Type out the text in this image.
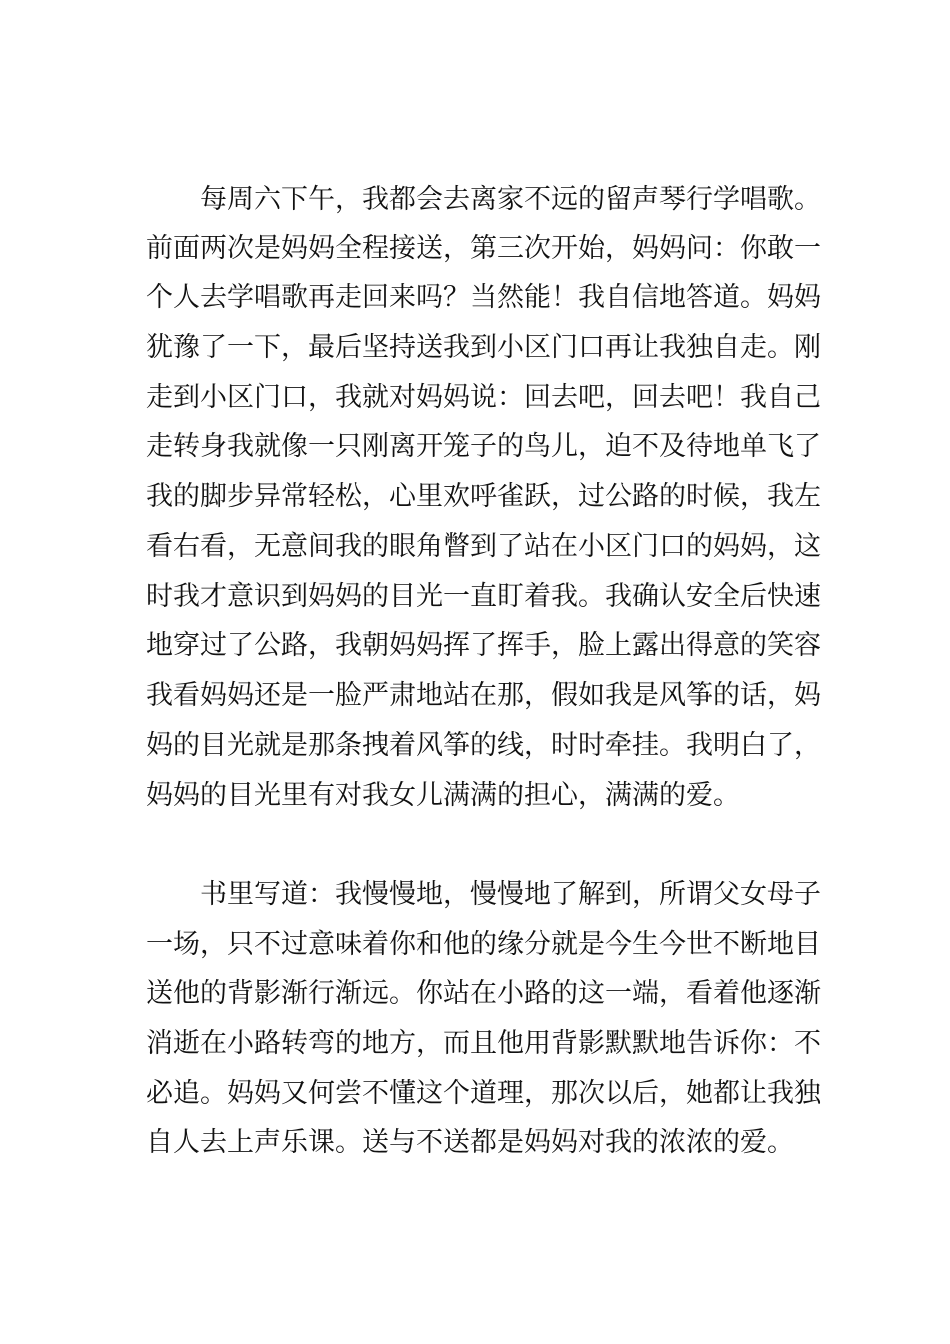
　　每周六下午，我都会去离家不远的留声琴行学唱歌。
前面两次是妈妈全程接送，第三次开始，妈妈问：你敢一
个人去学唱歌再走回来吗？当然能！我自信地答道。妈妈
犹豫了一下，最后坚持送我到小区门口再让我独自走。刚
走到小区门口，我就对妈妈说：回去吧，回去吧！我自己
走转身我就像一只刚离开笼子的鸟儿，迫不及待地单飞了
我的脚步异常轻松，心里欢呼雀跃，过公路的时候，我左
看右看，无意间我的眼角瞥到了站在小区门口的妈妈，这
时我才意识到妈妈的目光一直盯着我。我确认安全后快速
地穿过了公路，我朝妈妈挥了挥手，脸上露出得意的笑容
我看妈妈还是一脸严肃地站在那，假如我是风筝的话，妈
妈的目光就是那条拽着风筝的线，时时牵挂。我明白了，
妈妈的目光里有对我女儿满满的担心，满满的爱。
　　书里写道：我慢慢地，慢慢地了解到，所谓父女母子
一场，只不过意味着你和他的缘分就是今生今世不断地目
送他的背影渐行渐远。你站在小路的这一端，看着他逐渐
消逝在小路转弯的地方，而且他用背影默默地告诉你：不
必追。妈妈又何尝不懂这个道理，那次以后，她都让我独
自人去上声乐课。送与不送都是妈妈对我的浓浓的爱。
